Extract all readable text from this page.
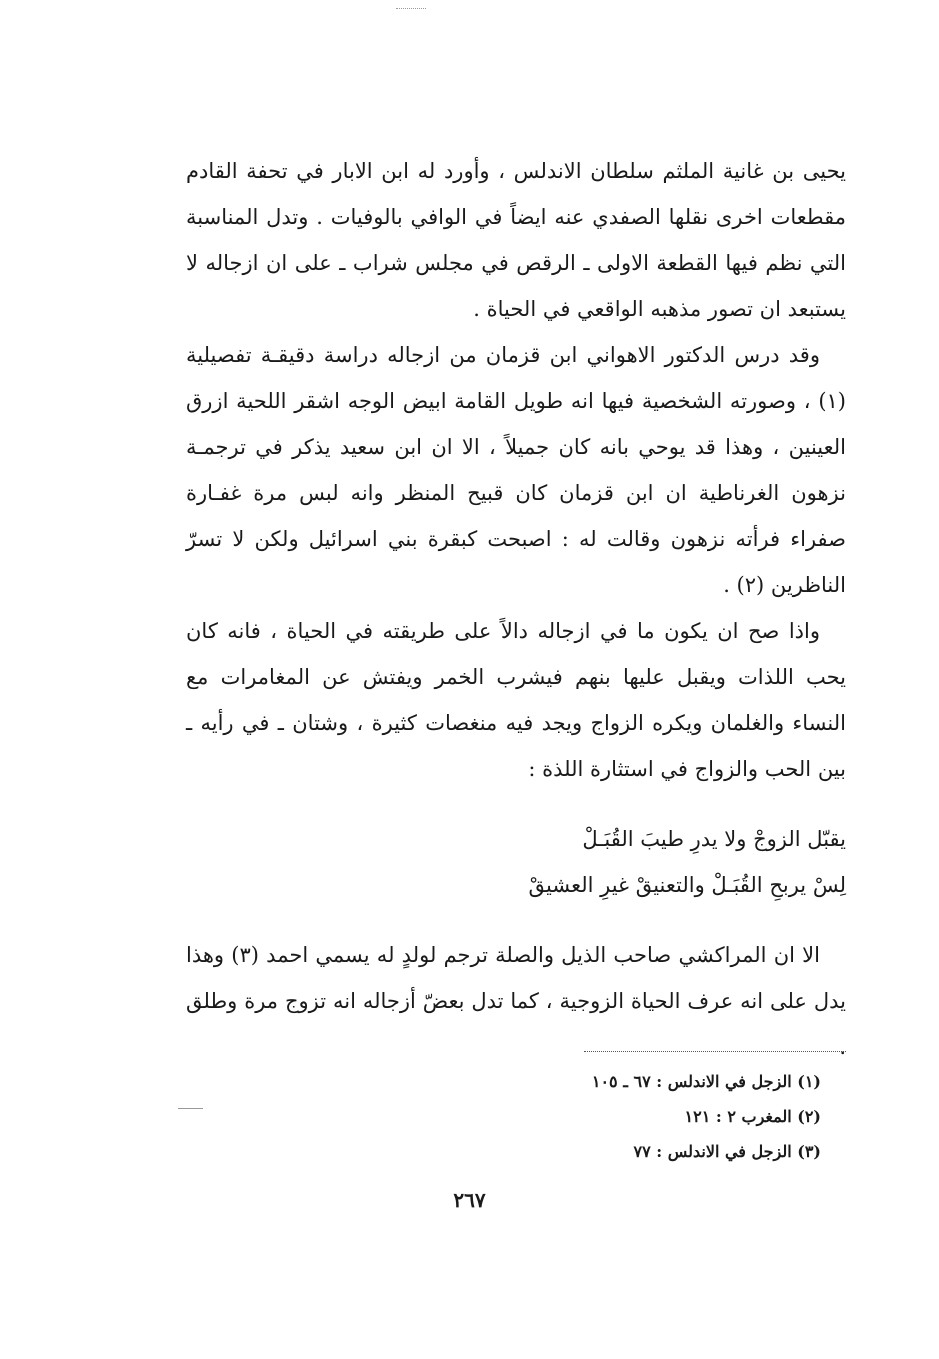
يحيى بن غانية الملثم سلطان الاندلس ، وأورد له ابن الابار في تحفة القادم مقطعات اخرى نقلها الصفدي عنه ايضاً في الوافي بالوفيات . وتدل المناسبة التي نظم فيها القطعة الاولى ـ الرقص في مجلس شراب ـ على ان ازجاله لا يستبعد ان تصور مذهبه الواقعي في الحياة .

وقد درس الدكتور الاهواني ابن قزمان من ازجاله دراسة دقيقـة تفصيلية (١) ، وصورته الشخصية فيها انه طويل القامة ابيض الوجه اشقر اللحية ازرق العينين ، وهذا قد يوحي بانه كان جميلاً ، الا ان ابن سعيد يذكر في ترجمـة نزهون الغرناطية ان ابن قزمان كان قبيح المنظر وانه لبس مرة غفـارة صفراء فرأته نزهون وقالت له : اصبحت كبقرة بني اسرائيل ولكن لا تسرّ الناظرين (٢) .

واذا صح ان يكون ما في ازجاله دالاً على طريقته في الحياة ، فانه كان يحب اللذات ويقبل عليها بنهم فيشرب الخمر ويفتش عن المغامرات مع النساء والغلمان ويكره الزواج ويجد فيه منغصات كثيرة ، وشتان ـ في رأيه ـ بين الحب والزواج في استثارة اللذة :

يقبّل الزوجْ ولا يدرِ طيبَ القُبَـلْ
لِسْ يربحِ القُبَـلْ والتعنيقْ غيرِ العشيقْ

الا ان المراكشي صاحب الذيل والصلة ترجم لولدٍ له يسمي احمد (٣) وهذا يدل على انه عرف الحياة الزوجية ، كما تدل بعضّ أزجاله انه تزوج مرة وطلق .

(١) الزجل في الاندلس : ٦٧ ـ ١٠٥
(٢) المغرب ٢ : ١٢١
(٣) الزجل في الاندلس : ٧٧
٢٦٧
